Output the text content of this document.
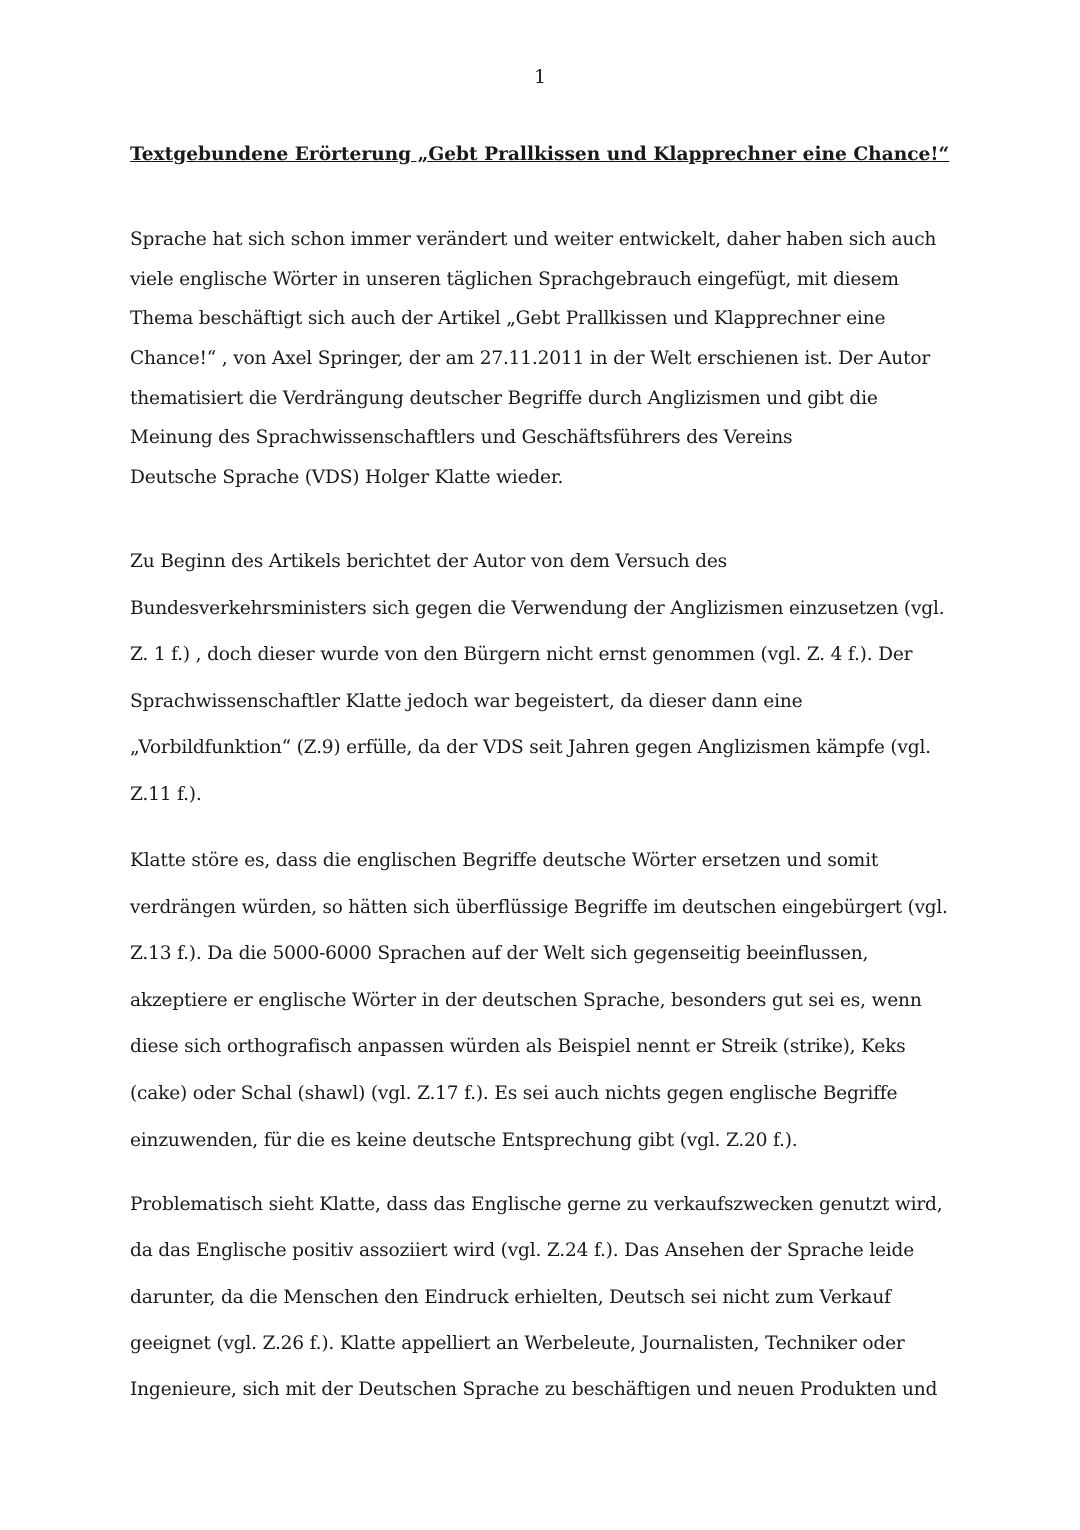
1
Textgebundene Erörterung „Gebt Prallkissen und Klapprechner eine Chance!“
Sprache hat sich schon immer verändert und weiter entwickelt, daher haben sich auch
viele englische Wörter in unseren täglichen Sprachgebrauch eingefügt, mit diesem
Thema beschäftigt sich auch der Artikel „Gebt Prallkissen und Klapprechner eine
Chance!“ , von Axel Springer, der am 27.11.2011 in der Welt erschienen ist. Der Autor
thematisiert die Verdrängung deutscher Begriffe durch Anglizismen und gibt die
Meinung des Sprachwissenschaftlers und Geschäftsführers des Vereins
Deutsche Sprache (VDS) Holger Klatte wieder.
Zu Beginn des Artikels berichtet der Autor von dem Versuch des
Bundesverkehrsministers sich gegen die Verwendung der Anglizismen einzusetzen (vgl.
Z. 1 f.) , doch dieser wurde von den Bürgern nicht ernst genommen (vgl. Z. 4 f.). Der
Sprachwissenschaftler Klatte jedoch war begeistert, da dieser dann eine
„Vorbildfunktion“ (Z.9) erfülle, da der VDS seit Jahren gegen Anglizismen kämpfe (vgl.
Z.11 f.).
Klatte störe es, dass die englischen Begriffe deutsche Wörter ersetzen und somit
verdrängen würden, so hätten sich überflüssige Begriffe im deutschen eingebürgert (vgl.
Z.13 f.). Da die 5000-6000 Sprachen auf der Welt sich gegenseitig beeinflussen,
akzeptiere er englische Wörter in der deutschen Sprache, besonders gut sei es, wenn
diese sich orthografisch anpassen würden als Beispiel nennt er Streik (strike), Keks
(cake) oder Schal (shawl) (vgl. Z.17 f.). Es sei auch nichts gegen englische Begriffe
einzuwenden, für die es keine deutsche Entsprechung gibt (vgl. Z.20 f.).
Problematisch sieht Klatte, dass das Englische gerne zu verkaufszwecken genutzt wird,
da das Englische positiv assoziiert wird (vgl. Z.24 f.). Das Ansehen der Sprache leide
darunter, da die Menschen den Eindruck erhielten, Deutsch sei nicht zum Verkauf
geeignet (vgl. Z.26 f.). Klatte appelliert an Werbeleute, Journalisten, Techniker oder
Ingenieure, sich mit der Deutschen Sprache zu beschäftigen und neuen Produkten und
